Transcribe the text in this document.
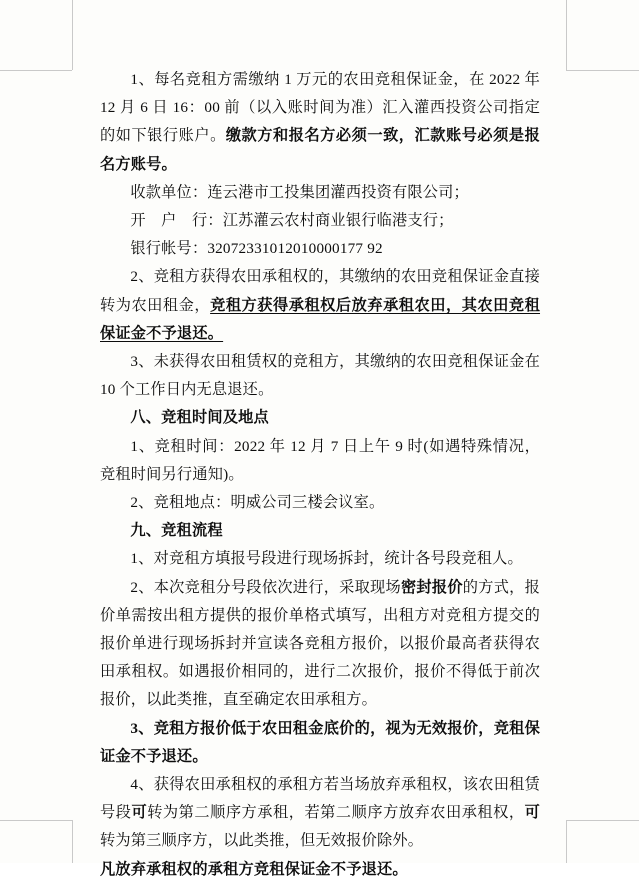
1、每名竞租方需缴纳 1 万元的农田竞租保证金，在 2022 年 12 月 6 日 16：00 前（以入账时间为准）汇入灌西投资公司指定的如下银行账户。缴款方和报名方必须一致，汇款账号必须是报名方账号。

收款单位：连云港市工投集团灌西投资有限公司；

开　户　行：江苏灌云农村商业银行临港支行；

银行帐号：32072331012010000177 92

2、竞租方获得农田承租权的，其缴纳的农田竞租保证金直接转为农田租金，竞租方获得承租权后放弃承租农田，其农田竞租保证金不予退还。

3、未获得农田租赁权的竞租方，其缴纳的农田竞租保证金在 10 个工作日内无息退还。

八、竞租时间及地点

1、竞租时间：2022 年 12 月 7 日上午 9 时(如遇特殊情况，竞租时间另行通知)。

2、竞租地点：明威公司三楼会议室。

九、竞租流程

1、对竞租方填报号段进行现场拆封，统计各号段竞租人。

2、本次竞租分号段依次进行，采取现场密封报价的方式，报价单需按出租方提供的报价单格式填写，出租方对竞租方提交的报价单进行现场拆封并宣读各竞租方报价，以报价最高者获得农田承租权。如遇报价相同的，进行二次报价，报价不得低于前次报价，以此类推，直至确定农田承租方。

3、竞租方报价低于农田租金底价的，视为无效报价，竞租保证金不予退还。

4、获得农田承租权的承租方若当场放弃承租权，该农田租赁号段可转为第二顺序方承租，若第二顺序方放弃农田承租权，可转为第三顺序方，以此类推，但无效报价除外。

凡放弃承租权的承租方竞租保证金不予退还。
